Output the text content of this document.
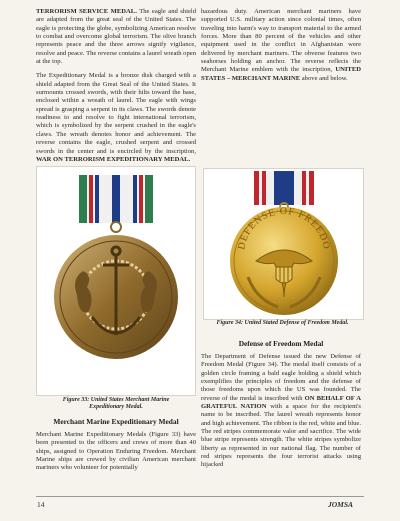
TERRORISM SERVICE MEDAL. The eagle and shield are adapted from the great seal of the United States. The eagle is protecting the globe, symbolizing American resolve to combat and overcome global terrorism. The olive branch represents peace and the three arrows signify vigilance, resolve and peace. The reverse contains a laurel wreath open at the top.

The Expeditionary Medal is a bronze disk charged with a shield adapted from the Great Seal of the United States. It surmounts crossed swords, with their hilts toward the base, enclosed within a wreath of laurel. The eagle with wings spread is grasping a serpent in its claws. The swords denote readiness to and resolve to fight international terrorism, which is symbolized by the serpent crushed in the eagle's claws. The wreath denotes honor and achievement. The reverse contains the eagle, crushed serpent and crossed swords in the center and is encircled by the inscription, WAR ON TERRORISM EXPEDITIONARY MEDAL.

Figure 33: United States Merchant Marine Expeditionary Medal.
Merchant Marine Expeditionary Medal

Merchant Marine Expeditionary Medals (Figure 33) have been presented to the officers and crews of more than 40 ships, assigned to Operation Enduring Freedom. Merchant Marine ships are crewed by civilian American merchant mariners who volunteer for potentially

hazardous duty. American merchant mariners have supported U.S. military action since colonial times, often traveling into harm's way to transport material to the armed forces. More than 80 percent of the vehicles and other equipment used in the conflict in Afghanistan were delivered by merchant mariners. The obverse features two seahorses holding an anchor. The reverse reflects the Merchant Marine emblem with the inscription, UNITED STATES – MERCHANT MARINE above and below.

DEFENSE OF FREEDO
Figure 34: United Stated Defense of Freedom Medal.
Defense of Freedom Medal

The Department of Defense issued the new Defense of Freedom Medal (Figure 34). The medal itself consists of a golden circle framing a bald eagle holding a shield which exemplifies the principles of freedom and the defense of those freedoms upon which the US was founded. The reverse of the medal is inscribed with ON BEHALF OF A GRATEFUL NATION with a space for the recipient's name to be inscribed. The laurel wreath represents honor and high achievement. The ribbon is the red, white and blue. The red stripes commemorate valor and sacrifice. The wide blue stripe represents strength. The white stripes symbolize liberty as represented in our national flag. The number of red stripes represents the four terrorist attacks using hijacked

14	JOMSA
